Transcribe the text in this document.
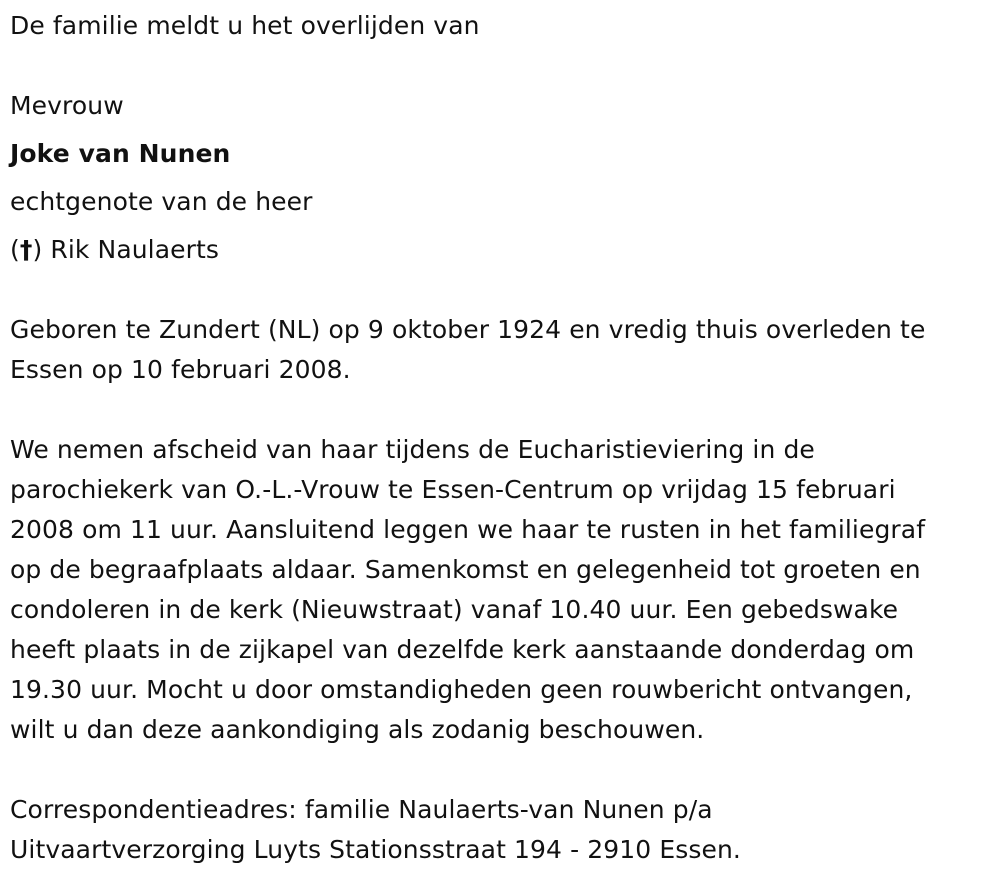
De familie meldt u het overlijden van
Mevrouw
Joke van Nunen
echtgenote van de heer
(†) Rik Naulaerts
Geboren te Zundert (NL) op 9 oktober 1924 en vredig thuis overleden te
Essen op 10 februari 2008.
We nemen afscheid van haar tijdens de Eucharistieviering in de
parochiekerk van O.-L.-Vrouw te Essen-Centrum op vrijdag 15 februari
2008 om 11 uur. Aansluitend leggen we haar te rusten in het familiegraf
op de begraafplaats aldaar. Samenkomst en gelegenheid tot groeten en
condoleren in de kerk (Nieuwstraat) vanaf 10.40 uur. Een gebedswake
heeft plaats in de zijkapel van dezelfde kerk aanstaande donderdag om
19.30 uur. Mocht u door omstandigheden geen rouwbericht ontvangen,
wilt u dan deze aankondiging als zodanig beschouwen.
Correspondentieadres: familie Naulaerts-van Nunen p/a
Uitvaartverzorging Luyts Stationsstraat 194 - 2910 Essen.
